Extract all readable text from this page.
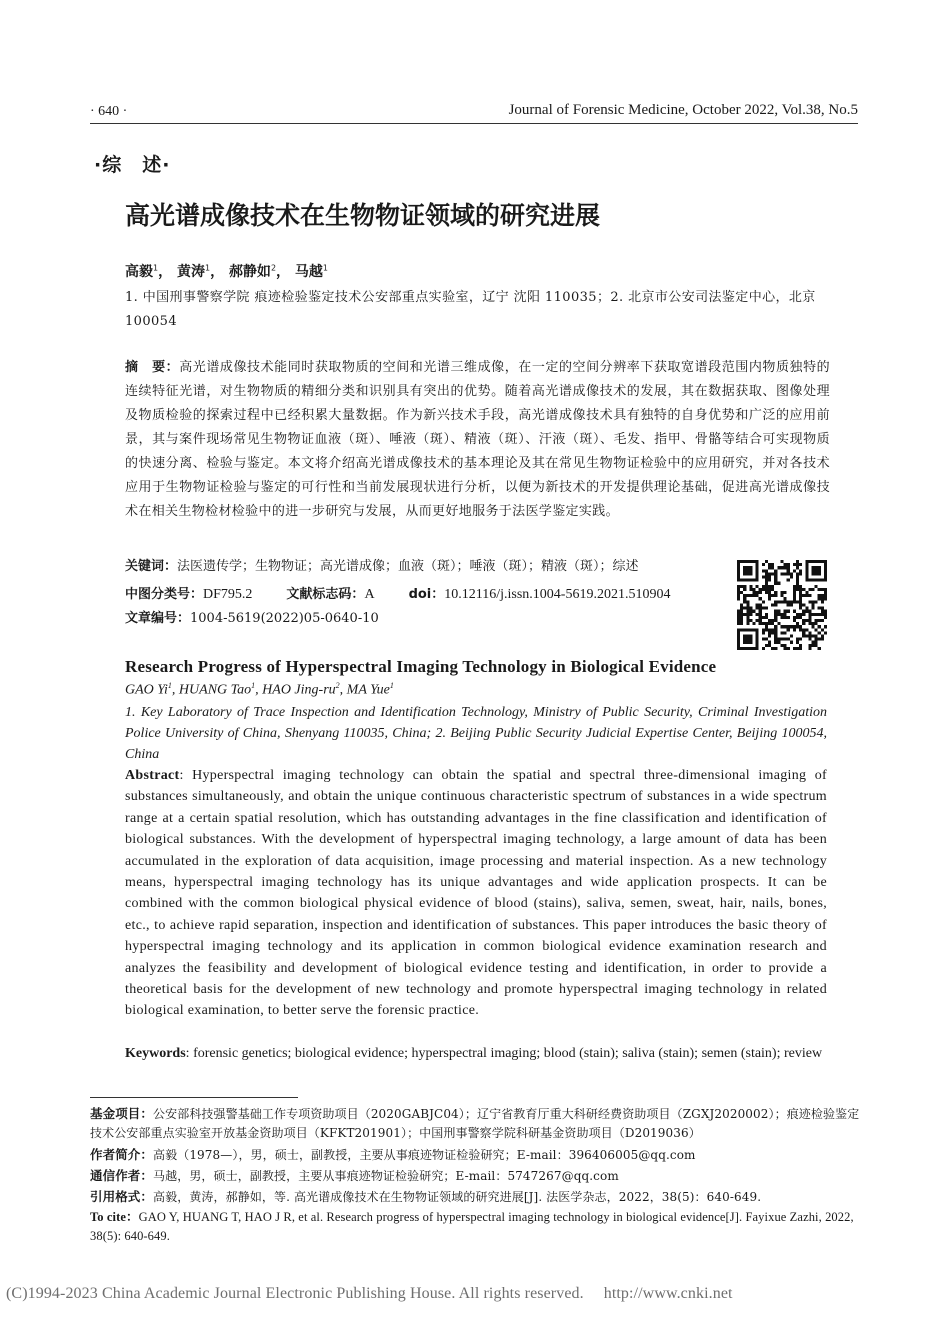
· 640 ·	Journal of Forensic Medicine, October 2022, Vol.38, No.5
·综　述·
高光谱成像技术在生物物证领域的研究进展
高毅$^1$， 黄涛$^1$， 郝静如$^2$， 马越$^1$
1. 中国刑事警察学院 痕迹检验鉴定技术公安部重点实验室，辽宁 沈阳 110035；2. 北京市公安司法鉴定中心，北京 100054
摘　要：高光谱成像技术能同时获取物质的空间和光谱三维成像，在一定的空间分辨率下获取宽谱段范围内物质独特的连续特征光谱，对生物物质的精细分类和识别具有突出的优势。随着高光谱成像技术的发展，其在数据获取、图像处理及物质检验的探索过程中已经积累大量数据。作为新兴技术手段，高光谱成像技术具有独特的自身优势和广泛的应用前景，其与案件现场常见生物物证血液（斑）、唾液（斑）、精液（斑）、汗液（斑）、毛发、指甲、骨骼等结合可实现物质的快速分离、检验与鉴定。本文将介绍高光谱成像技术的基本理论及其在常见生物物证检验中的应用研究，并对各技术应用于生物物证检验与鉴定的可行性和当前发展现状进行分析，以便为新技术的开发提供理论基础，促进高光谱成像技术在相关生物检材检验中的进一步研究与发展，从而更好地服务于法医学鉴定实践。
关键词：法医遗传学；生物物证；高光谱成像；血液（斑）；唾液（斑）；精液（斑）；综述
中图分类号：DF795.2	文献标志码：A	doi：10.12116/j.issn.1004-5619.2021.510904
文章编号：1004-5619(2022)05-0640-10
Research Progress of Hyperspectral Imaging Technology in Biological Evidence
GAO Yi$^1$, HUANG Tao$^1$, HAO Jing-$ru^2$, MA Yue$^1$
1. Key Laboratory of Trace Inspection and Identification Technology, Ministry of Public Security, Criminal Investigation Police University of China, Shenyang 110035, China; 2. Beijing Public Security Judicial Expertise Center, Beijing 100054, China
Abstract: Hyperspectral imaging technology can obtain the spatial and spectral three-dimensional imaging of substances simultaneously, and obtain the unique continuous characteristic spectrum of substances in a wide spectrum range at a certain spatial resolution, which has outstanding advantages in the fine classification and identification of biological substances. With the development of hyperspectral imaging technology, a large amount of data has been accumulated in the exploration of data acquisition, image processing and material inspection. As a new technology means, hyperspectral imaging technology has its unique advantages and wide application prospects. It can be combined with the common biological physical evidence of blood (stains), saliva, semen, sweat, hair, nails, bones, etc., to achieve rapid separation, inspection and identification of substances. This paper introduces the basic theory of hyperspectral imaging technology and its application in common biological evidence examination research and analyzes the feasibility and development of biological evidence testing and identification, in order to provide a theoretical basis for the development of new technology and promote hyperspectral imaging technology in related biological examination, to better serve the forensic practice.
Keywords: forensic genetics; biological evidence; hyperspectral imaging; blood (stain); saliva (stain); semen (stain); review
基金项目：公安部科技强警基础工作专项资助项目（2020GABJC04）；辽宁省教育厅重大科研经费资助项目（ZGXJ2020002）；痕迹检验鉴定技术公安部重点实验室开放基金资助项目（KFKT201901）；中国刑事警察学院科研基金资助项目（D2019036）
作者简介：高毅（1978—），男，硕士，副教授，主要从事痕迹物证检验研究；E-mail：396406005@qq.com
通信作者：马越，男，硕士，副教授，主要从事痕迹物证检验研究；E-mail：5747267@qq.com
引用格式：高毅，黄涛，郝静如，等. 高光谱成像技术在生物物证领域的研究进展[J]. 法医学杂志，2022，38(5)：640-649.
To cite：GAO Y, HUANG T, HAO J R, et al. Research progress of hyperspectral imaging technology in biological evidence[J]. Fayixue Zazhi, 2022, 38(5): 640-649.
(C)1994-2023 China Academic Journal Electronic Publishing House. All rights reserved. http://www.cnki.net
